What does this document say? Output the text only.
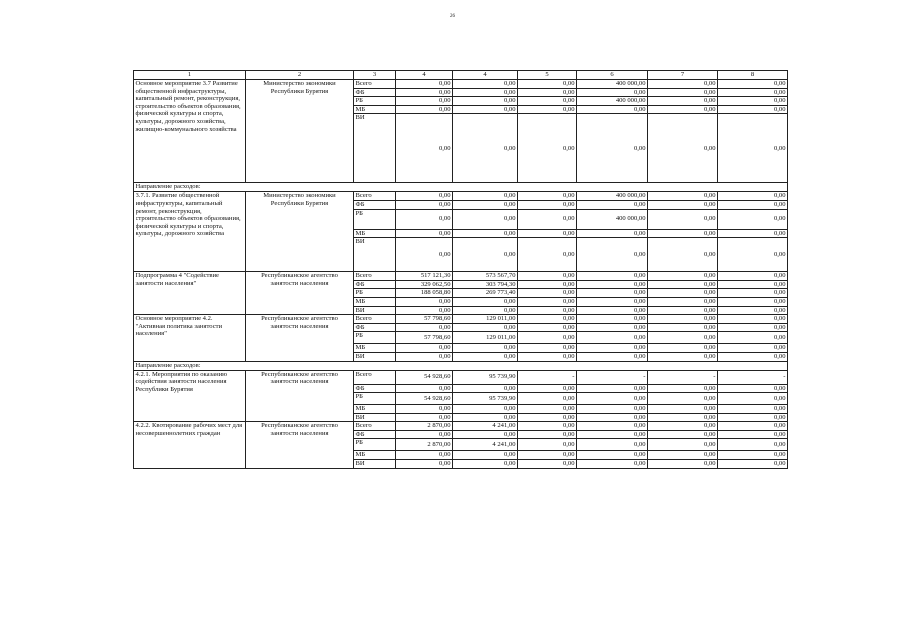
26
1	2	3	4	4	5	6	7	8
Основное мероприятие 3.7 Развитие общественной инфраструктуры, капитальный ремонт, реконструкция, строительство объектов образования, физической культуры и спорта, культуры, дорожного хозяйства, жилищно-коммунального хозяйства	Министерство экономики Республики Бурятия	Всего	0,00	0,00	0,00	400 000,00	0,00	0,00
		ФБ	0,00	0,00	0,00	0,00	0,00	0,00
		РБ	0,00	0,00	0,00	400 000,00	0,00	0,00
		МБ	0,00	0,00	0,00	0,00	0,00	0,00
		ВИ	0,00	0,00	0,00	0,00	0,00	0,00
Направление расходов:								

3.7.1. Развитие общественной инфраструктуры, капитальный ремонт, реконструкция, строительство объектов образования, физической культуры и спорта, культуры, дорожного хозяйства	Министерство экономики Республики Бурятия	Всего	0,00	0,00	0,00	400 000,00	0,00	0,00
		ФБ	0,00	0,00	0,00	0,00	0,00	0,00
		РБ	0,00	0,00	0,00	400 000,00	0,00	0,00
		МБ	0,00	0,00	0,00	0,00	0,00	0,00
		ВИ	0,00	0,00	0,00	0,00	0,00	0,00
Подпрограмма 4 "Содействие занятости населения"	Республиканское агентство занятости населения	Всего	517 121,30	573 567,70	0,00	0,00	0,00	0,00
		ФБ	329 062,50	303 794,30	0,00	0,00	0,00	0,00
		РБ	188 058,80	269 773,40	0,00	0,00	0,00	0,00
		МБ	0,00	0,00	0,00	0,00	0,00	0,00
		ВИ	0,00	0,00	0,00	0,00	0,00	0,00
Основное мероприятие 4.2. "Активная политика занятости населения"	Республиканское агентство занятости населения	Всего	57 798,60	129 011,00	0,00	0,00	0,00	0,00
		ФБ	0,00	0,00	0,00	0,00	0,00	0,00
		РБ	57 798,60	129 011,00	0,00	0,00	0,00	0,00
		МБ	0,00	0,00	0,00	0,00	0,00	0,00
		ВИ	0,00	0,00	0,00	0,00	0,00	0,00
Направление расходов:								
4.2.1. Мероприятия по оказанию содействия занятости населения Республики Бурятия	Республиканское агентство занятости населения	Всего	54 928,60	95 739,90	-	-	-	-
		ФБ	0,00	0,00	0,00	0,00	0,00	0,00
		РБ	54 928,60	95 739,90	0,00	0,00	0,00	0,00
		МБ	0,00	0,00	0,00	0,00	0,00	0,00
		ВИ	0,00	0,00	0,00	0,00	0,00	0,00
4.2.2. Квотирование рабочих мест для несовершеннолетних граждан	Республиканское агентство занятости населения	Всего	2 870,00	4 241,00	0,00	0,00	0,00	0,00
		ФБ	0,00	0,00	0,00	0,00	0,00	0,00
		РБ	2 870,00	4 241,00	0,00	0,00	0,00	0,00
		МБ	0,00	0,00	0,00	0,00	0,00	0,00
		ВИ	0,00	0,00	0,00	0,00	0,00	0,00
